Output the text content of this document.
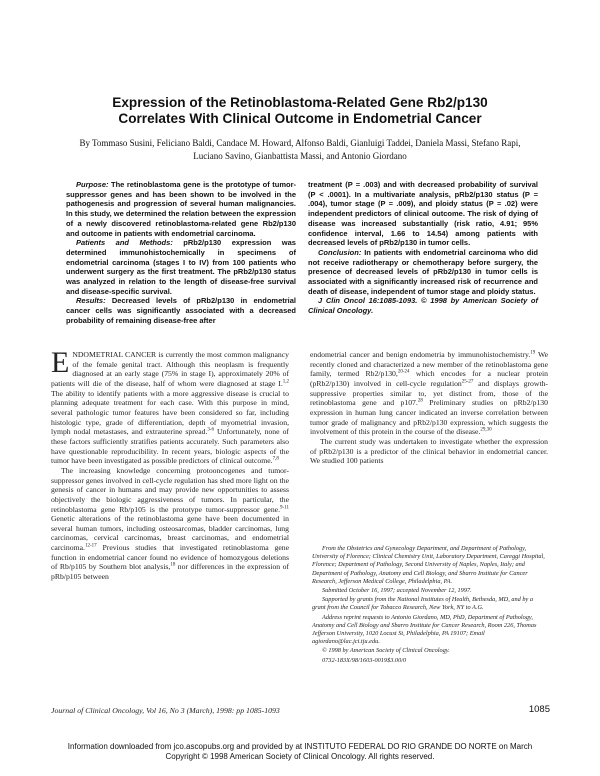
Expression of the Retinoblastoma-Related Gene Rb2/p130
Correlates With Clinical Outcome in Endometrial Cancer
By Tommaso Susini, Feliciano Baldi, Candace M. Howard, Alfonso Baldi, Gianluigi Taddei, Daniela Massi, Stefano Rapi,
Luciano Savino, Gianbattista Massi, and Antonio Giordano

Purpose: The retinoblastoma gene is the prototype of tumor-suppressor genes and has been shown to be involved in the pathogenesis and progression of several human malignancies. In this study, we determined the relation between the expression of a newly discovered retinoblastoma-related gene Rb2/p130 and outcome in patients with endometrial carcinoma.

Patients and Methods: pRb2/p130 expression was determined immunohistochemically in specimens of endometrial carcinoma (stages I to IV) from 100 patients who underwent surgery as the first treatment. The pRb2/p130 status was analyzed in relation to the length of disease-free survival and disease-specific survival.

Results: Decreased levels of pRb2/p130 in endometrial cancer cells was significantly associated with a decreased probability of remaining disease-free after

treatment (P = .003) and with decreased probability of survival (P < .0001). In a multivariate analysis, pRb2/p130 status (P = .004), tumor stage (P = .009), and ploidy status (P = .02) were independent predictors of clinical outcome. The risk of dying of disease was increased substantially (risk ratio, 4.91; 95% confidence interval, 1.66 to 14.54) among patients with decreased levels of pRb2/p130 in tumor cells.

Conclusion: In patients with endometrial carcinoma who did not receive radiotherapy or chemotherapy before surgery, the presence of decreased levels of pRb2/p130 in tumor cells is associated with a significantly increased risk of recurrence and death of disease, independent of tumor stage and ploidy status.

J Clin Oncol 16:1085-1093. © 1998 by American Society of Clinical Oncology.

ENDOMETRIAL CANCER is currently the most common malignancy of the female genital tract. Although this neoplasm is frequently diagnosed at an early stage (75% in stage I), approximately 20% of patients will die of the disease, half of whom were diagnosed at stage I.$^{1,2}$ The ability to identify patients with a more aggressive disease is crucial to planning adequate treatment for each case. With this purpose in mind, several pathologic tumor features have been considered so far, including histologic type, grade of differentiation, depth of myometrial invasion, lymph nodal metastases, and extrauterine spread.$^{3-6}$ Unfortunately, none of these factors sufficiently stratifies patients accurately. Such parameters also have questionable reproducibility. In recent years, biologic aspects of the tumor have been investigated as possible predictors of clinical outcome.$^{7,8}$

The increasing knowledge concerning protooncogenes and tumor-suppressor genes involved in cell-cycle regulation has shed more light on the genesis of cancer in humans and may provide new opportunities to assess objectively the biologic aggressiveness of tumors. In particular, the retinoblastoma gene Rb/p105 is the prototype tumor-suppressor gene.$^{9-11}$ Genetic alterations of the retinoblastoma gene have been documented in several human tumors, including osteosarcomas, bladder carcinomas, lung carcinomas, cervical carcinomas, breast carcinomas, and endometrial carcinoma.$^{12-17}$ Previous studies that investigated retinoblastoma gene function in endometrial cancer found no evidence of homozygous deletions of Rb/p105 by Southern blot analysis,$^{18}$ nor differences in the expression of pRb/p105 between

endometrial cancer and benign endometria by immunohistochemistry.$^{19}$ We recently cloned and characterized a new member of the retinoblastoma gene family, termed Rb2/p130,$^{20-24}$ which encodes for a nuclear protein (pRb2/p130) involved in cell-cycle regulation$^{25-27}$ and displays growth-suppressive properties similar to, yet distinct from, those of the retinoblastoma gene and p107.28 Preliminary studies on pRb2/p130 expression in human lung cancer indicated an inverse correlation between tumor grade of malignancy and pRb2/p130 expression, which suggests the involvement of this protein in the course of the disease.$^{29,30}$

The current study was undertaken to investigate whether the expression of pRb2/p130 is a predictor of the clinical behavior in endometrial cancer. We studied 100 patients

From the Obstetrics and Gynecology Department, and Department of Pathology, University of Florence; Clinical Chemistry Unit, Laboratory Department, Careggi Hospital, Florence; Department of Pathology, Second University of Naples, Naples, Italy; and Department of Pathology, Anatomy and Cell Biology, and Sbarro Institute for Cancer Research, Jefferson Medical College, Philadelphia, PA.

Submitted October 16, 1997; accepted November 12, 1997.

Supported by grants from the National Institutes of Health, Bethesda, MD, and by a grant from the Council for Tobacco Research, New York, NY to A.G.

Address reprint requests to Antonio Giordano, MD, PhD, Department of Pathology, Anatomy and Cell Biology and Sbarro Institute for Cancer Research, Room 226, Thomas Jefferson University, 1020 Locust St, Philadelphia, PA 19107; Email agiordano@lac.jci.tju.edu.

© 1998 by American Society of Clinical Oncology.

0732-183X/98/1603-0019$3.00/0

Journal of Clinical Oncology, Vol 16, No 3 (March), 1998: pp 1085-1093	1085
Information downloaded from jco.ascopubs.org and provided by at INSTITUTO FEDERAL DO RIO GRANDE DO NORTE on March
Copyright © 1998 American Society of Clinical Oncology. All rights reserved.
